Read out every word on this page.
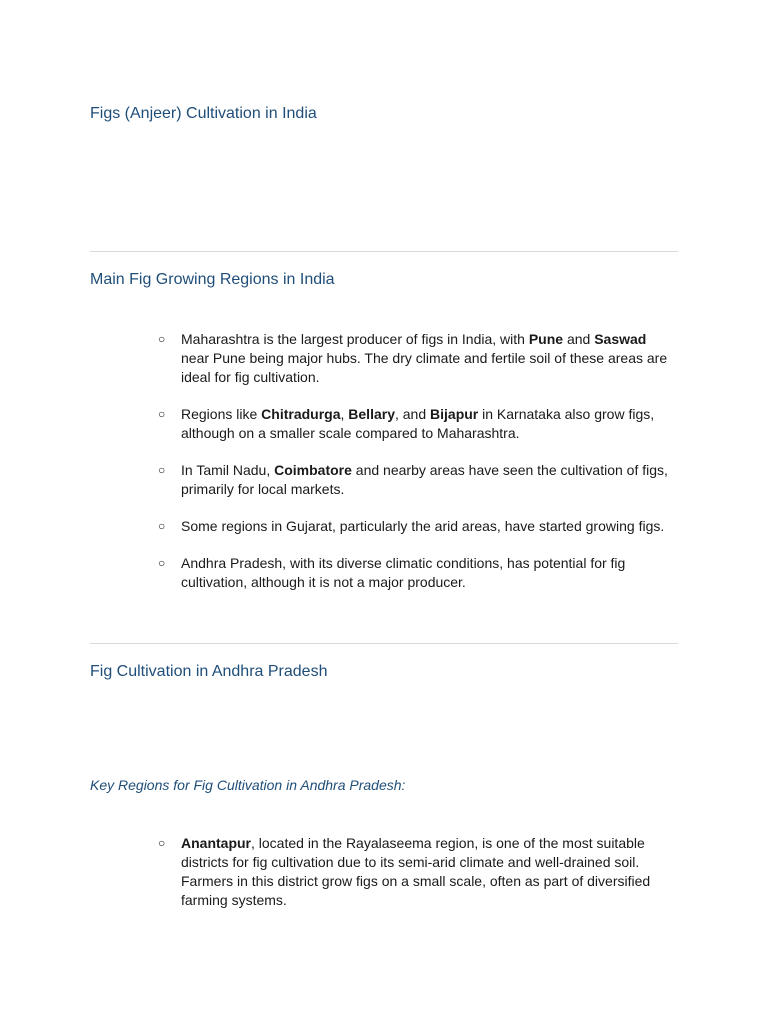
Figs (Anjeer) Cultivation in India
Main Fig Growing Regions in India
○ Maharashtra is the largest producer of figs in India, with Pune and Saswad near Pune being major hubs. The dry climate and fertile soil of these areas are ideal for fig cultivation.
○ Regions like Chitradurga, Bellary, and Bijapur in Karnataka also grow figs, although on a smaller scale compared to Maharashtra.
○ In Tamil Nadu, Coimbatore and nearby areas have seen the cultivation of figs, primarily for local markets.
○ Some regions in Gujarat, particularly the arid areas, have started growing figs.
○ Andhra Pradesh, with its diverse climatic conditions, has potential for fig cultivation, although it is not a major producer.
Fig Cultivation in Andhra Pradesh
Key Regions for Fig Cultivation in Andhra Pradesh:
○ Anantapur, located in the Rayalaseema region, is one of the most suitable districts for fig cultivation due to its semi-arid climate and well-drained soil. Farmers in this district grow figs on a small scale, often as part of diversified farming systems.
